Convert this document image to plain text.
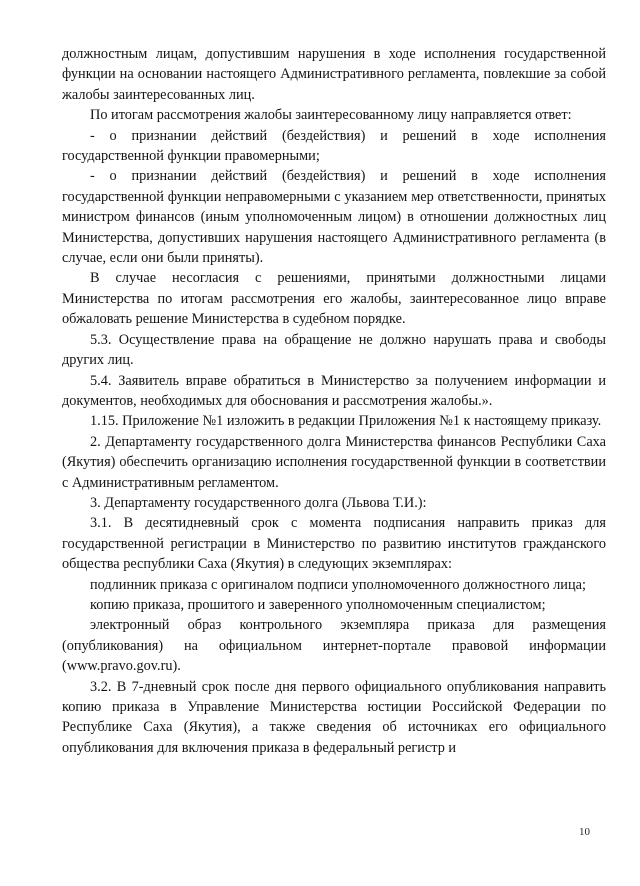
должностным лицам, допустившим нарушения в ходе исполнения государственной функции на основании настоящего Административного регламента, повлекшие за собой жалобы заинтересованных лиц.

По итогам рассмотрения жалобы заинтересованному лицу направляется ответ:

- о признании действий (бездействия) и решений в ходе исполнения государственной функции правомерными;

- о признании действий (бездействия) и решений в ходе исполнения государственной функции неправомерными с указанием мер ответственности, принятых министром финансов (иным уполномоченным лицом) в отношении должностных лиц Министерства, допустивших нарушения настоящего Административного регламента (в случае, если они были приняты).

В случае несогласия с решениями, принятыми должностными лицами Министерства по итогам рассмотрения его жалобы, заинтересованное лицо вправе обжаловать решение Министерства в судебном порядке.

5.3. Осуществление права на обращение не должно нарушать права и свободы других лиц.

5.4. Заявитель вправе обратиться в Министерство за получением информации и документов, необходимых для обоснования и рассмотрения жалобы.».

1.15. Приложение №1 изложить в редакции Приложения №1 к настоящему приказу.

2. Департаменту государственного долга Министерства финансов Республики Саха (Якутия) обеспечить организацию исполнения государственной функции в соответствии с Административным регламентом.

3. Департаменту государственного долга (Львова Т.И.):

3.1. В десятидневный срок с момента подписания направить приказ для государственной регистрации в Министерство по развитию институтов гражданского общества республики Саха (Якутия) в следующих экземплярах:

подлинник приказа с оригиналом подписи уполномоченного должностного лица;

копию приказа, прошитого и заверенного уполномоченным специалистом;

электронный образ контрольного экземпляра приказа для размещения (опубликования) на официальном интернет-портале правовой информации (www.pravo.gov.ru).

3.2. В 7-дневный срок после дня первого официального опубликования направить копию приказа в Управление Министерства юстиции Российской Федерации по Республике Саха (Якутия), а также сведения об источниках его официального опубликования для включения приказа в федеральный регистр и

10
